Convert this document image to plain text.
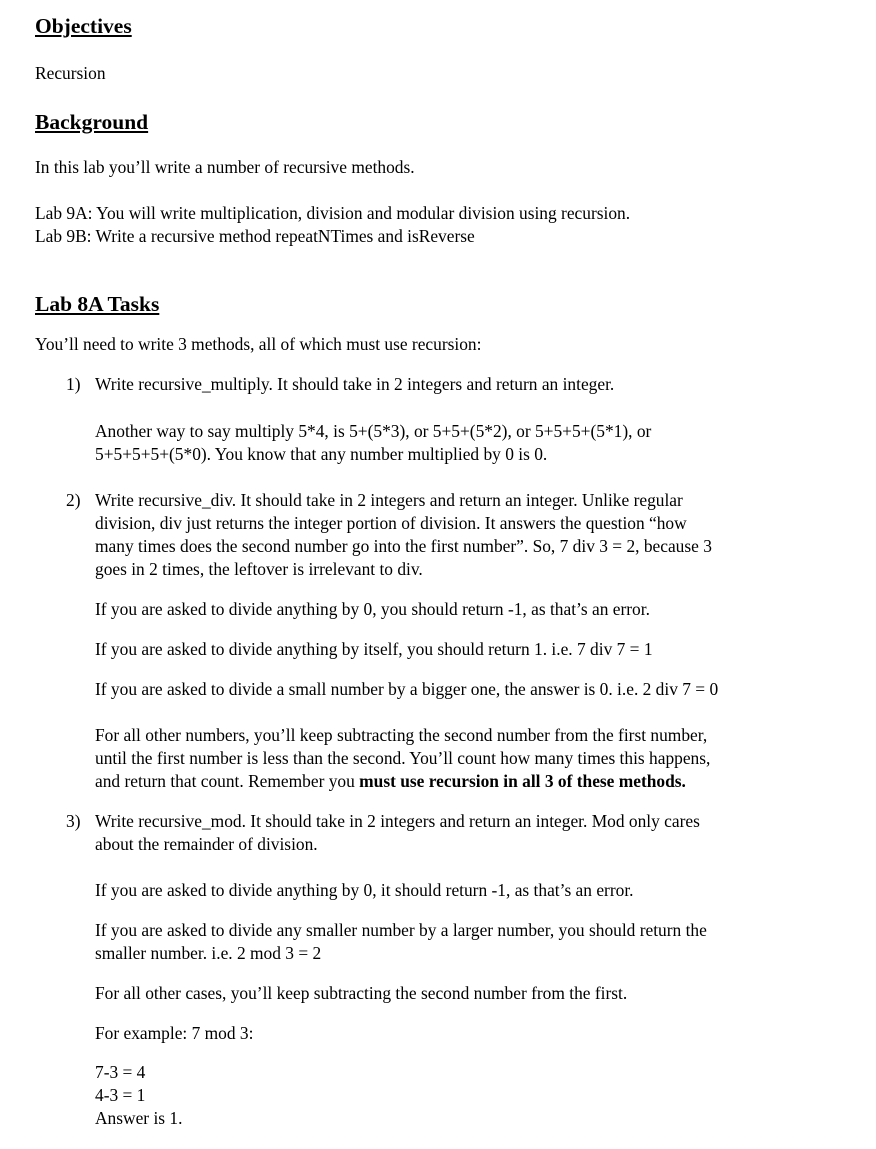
Objectives
Recursion
Background
In this lab you’ll write a number of recursive methods.
Lab 9A: You will write multiplication, division and modular division using recursion.
Lab 9B: Write a recursive method repeatNTimes and isReverse
Lab 8A Tasks
You’ll need to write 3 methods, all of which must use recursion:
1) Write recursive_multiply. It should take in 2 integers and return an integer.
Another way to say multiply 5*4, is 5+(5*3), or 5+5+(5*2), or 5+5+5+(5*1), or
5+5+5+5+(5*0). You know that any number multiplied by 0 is 0.
2) Write recursive_div. It should take in 2 integers and return an integer. Unlike regular
division, div just returns the integer portion of division. It answers the question “how
many times does the second number go into the first number”. So, 7 div 3 = 2, because 3
goes in 2 times, the leftover is irrelevant to div.
If you are asked to divide anything by 0, you should return -1, as that’s an error.
If you are asked to divide anything by itself, you should return 1. i.e. 7 div 7 = 1
If you are asked to divide a small number by a bigger one, the answer is 0. i.e. 2 div 7 = 0
For all other numbers, you’ll keep subtracting the second number from the first number,
until the first number is less than the second. You’ll count how many times this happens,
and return that count. Remember you must use recursion in all 3 of these methods.
3) Write recursive_mod. It should take in 2 integers and return an integer. Mod only cares
about the remainder of division.
If you are asked to divide anything by 0, it should return -1, as that’s an error.
If you are asked to divide any smaller number by a larger number, you should return the
smaller number. i.e. 2 mod 3 = 2
For all other cases, you’ll keep subtracting the second number from the first.
For example: 7 mod 3:
7-3 = 4
4-3 = 1
Answer is 1.
